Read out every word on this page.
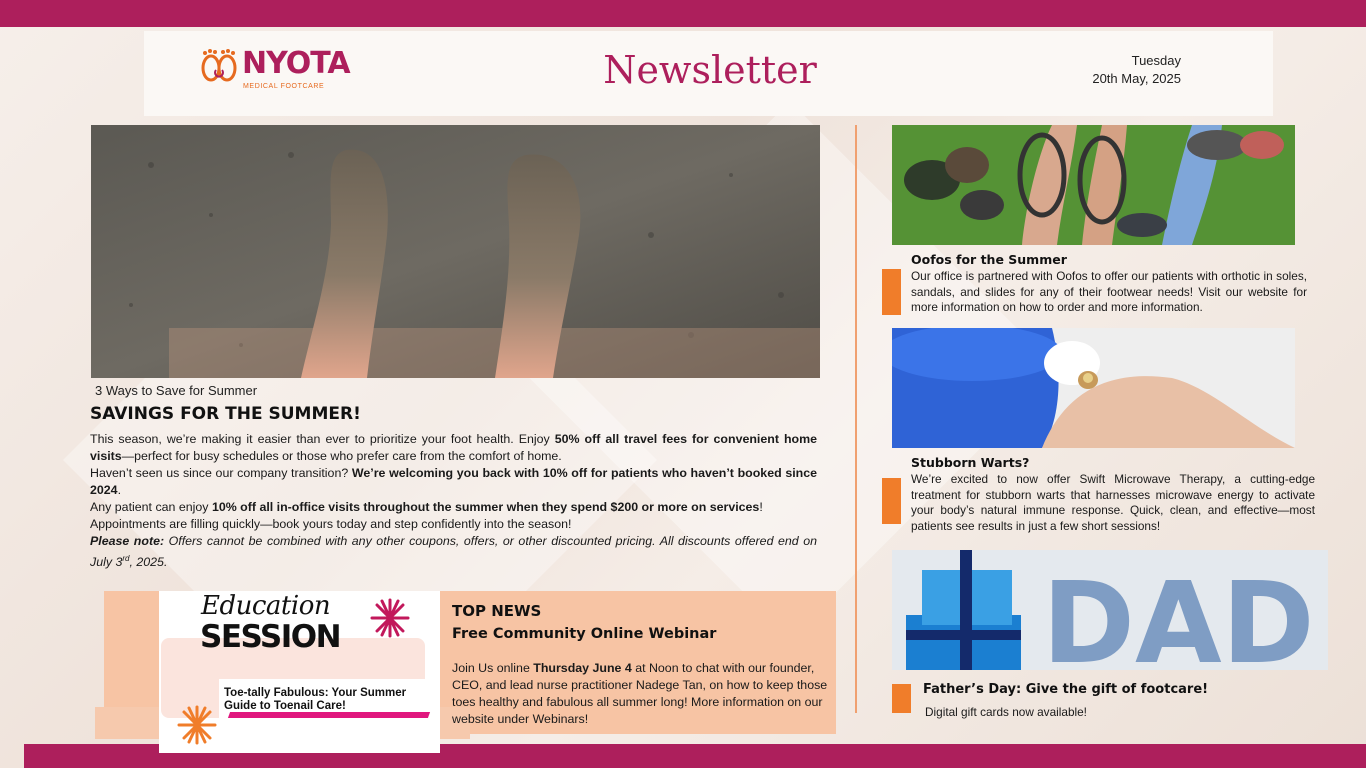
NYOTA
MEDICAL FOOTCARE	Newsletter	Tuesday
20th May, 2025
3 Ways to Save for Summer
SAVINGS FOR THE SUMMER!

This season, we’re making it easier than ever to prioritize your foot health. Enjoy 50% off all travel fees for convenient home visits—perfect for busy schedules or those who prefer care from the comfort of home.

Haven’t seen us since our company transition? We’re welcoming you back with 10% off for patients who haven’t booked since 2024.

Any patient can enjoy 10% off all in-office visits throughout the summer when they spend $200 or more on services!

Appointments are filling quickly—book yours today and step confidently into the season!

Please note: Offers cannot be combined with any other coupons, offers, or other discounted pricing. All discounts offered end on July 3rd, 2025.

Education
SESSION
Toe-tally Fabulous: Your Summer Guide to Toenail Care!
TOP NEWS
Free Community Online Webinar
Join Us online Thursday June 4 at Noon to chat with our founder, CEO, and lead nurse practitioner Nadege Tan, on how to keep those toes healthy and fabulous all summer long! More information on our website under Webinars!
Oofos for the Summer
Our office is partnered with Oofos to offer our patients with orthotic in soles, sandals, and slides for any of their footwear needs! Visit our website for more information on how to order and more information.
Stubborn Warts?
We’re excited to now offer Swift Microwave Therapy, a cutting-edge treatment for stubborn warts that harnesses microwave energy to activate your body’s natural immune response. Quick, clean, and effective—most patients see results in just a few short sessions!
DAD
Father’s Day: Give the gift of footcare!
Digital gift cards now available!
